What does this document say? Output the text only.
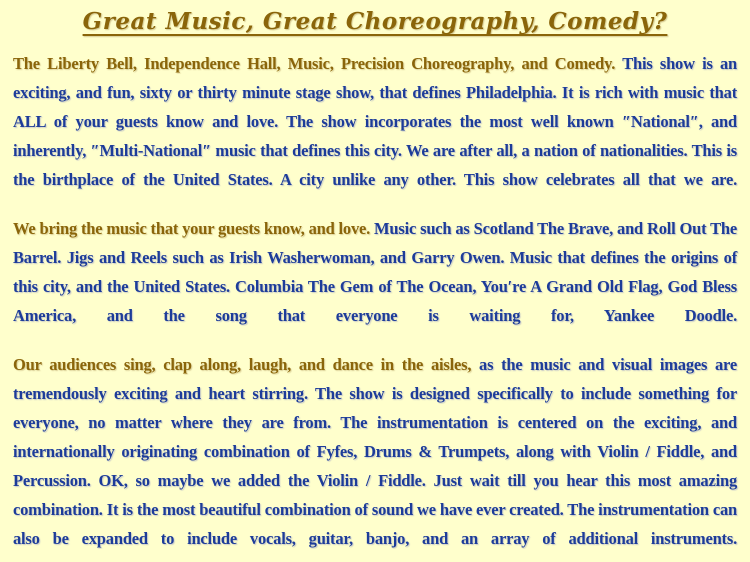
Great Music, Great Choreography, Comedy?

The Liberty Bell, Independence Hall, Music, Precision Choreography, and Comedy. This show is an exciting, and fun, sixty or thirty minute stage show, that defines Philadelphia. It is rich with music that ALL of your guests know and love. The show incorporates the most well known ″National″, and inherently, ″Multi-National″ music that defines this city. We are after all, a nation of nationalities. This is the birthplace of the United States. A city unlike any other. This show celebrates all that we are.

We bring the music that your guests know, and love. Music such as Scotland The Brave, and Roll Out The Barrel. Jigs and Reels such as Irish Washerwoman, and Garry Owen. Music that defines the origins of this city, and the United States. Columbia The Gem of The Ocean, You′re A Grand Old Flag, God Bless America, and the song that everyone is waiting for, Yankee Doodle.

Our audiences sing, clap along, laugh, and dance in the aisles, as the music and visual images are tremendously exciting and heart stirring. The show is designed specifically to include something for everyone, no matter where they are from. The instrumentation is centered on the exciting, and internationally originating combination of Fyfes, Drums & Trumpets, along with Violin / Fiddle, and Percussion. OK, so maybe we added the Violin / Fiddle. Just wait till you hear this most amazing combination. It is the most beautiful combination of sound we have ever created. The instrumentation can also be expanded to include vocals, guitar, banjo, and an array of additional instruments.
